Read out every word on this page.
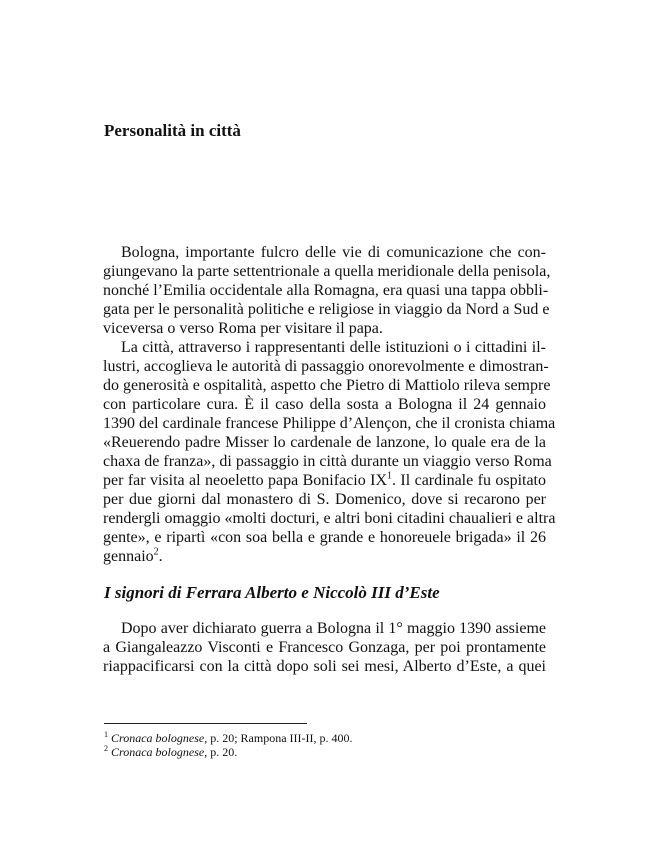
Personalità in città
Bologna, importante fulcro delle vie di comunicazione che con-
giungevano la parte settentrionale a quella meridionale della penisola,
nonché l’Emilia occidentale alla Romagna, era quasi una tappa obbli-
gata per le personalità politiche e religiose in viaggio da Nord a Sud e
viceversa o verso Roma per visitare il papa.
La città, attraverso i rappresentanti delle istituzioni o i cittadini il-
lustri, accoglieva le autorità di passaggio onorevolmente e dimostran-
do generosità e ospitalità, aspetto che Pietro di Mattiolo rileva sempre
con particolare cura. È il caso della sosta a Bologna il 24 gennaio
1390 del cardinale francese Philippe d’Alençon, che il cronista chiama
«Reuerendo padre Misser lo cardenale de lanzone, lo quale era de la
chaxa de franza», di passaggio in città durante un viaggio verso Roma
per far visita al neoeletto papa Bonifacio $IX^1$. Il cardinale fu ospitato
per due giorni dal monastero di S. Domenico, dove si recarono per
rendergli omaggio «molti docturi, e altri boni citadini chaualieri e altra
gente», e ripartì «con soa bella e grande e honoreuele brigada» il 26
gennaio$^2$.
I signori di Ferrara Alberto e Niccolò III d’Este
Dopo aver dichiarato guerra a Bologna il 1° maggio 1390 assieme
a Giangaleazzo Visconti e Francesco Gonzaga, per poi prontamente
riappacificarsi con la città dopo soli sei mesi, Alberto d’Este, a quei

$^1$ Cronaca bolognese, p. 20; Rampona III-II, p. 400.

$^2$ Cronaca bolognese, p. 20.
